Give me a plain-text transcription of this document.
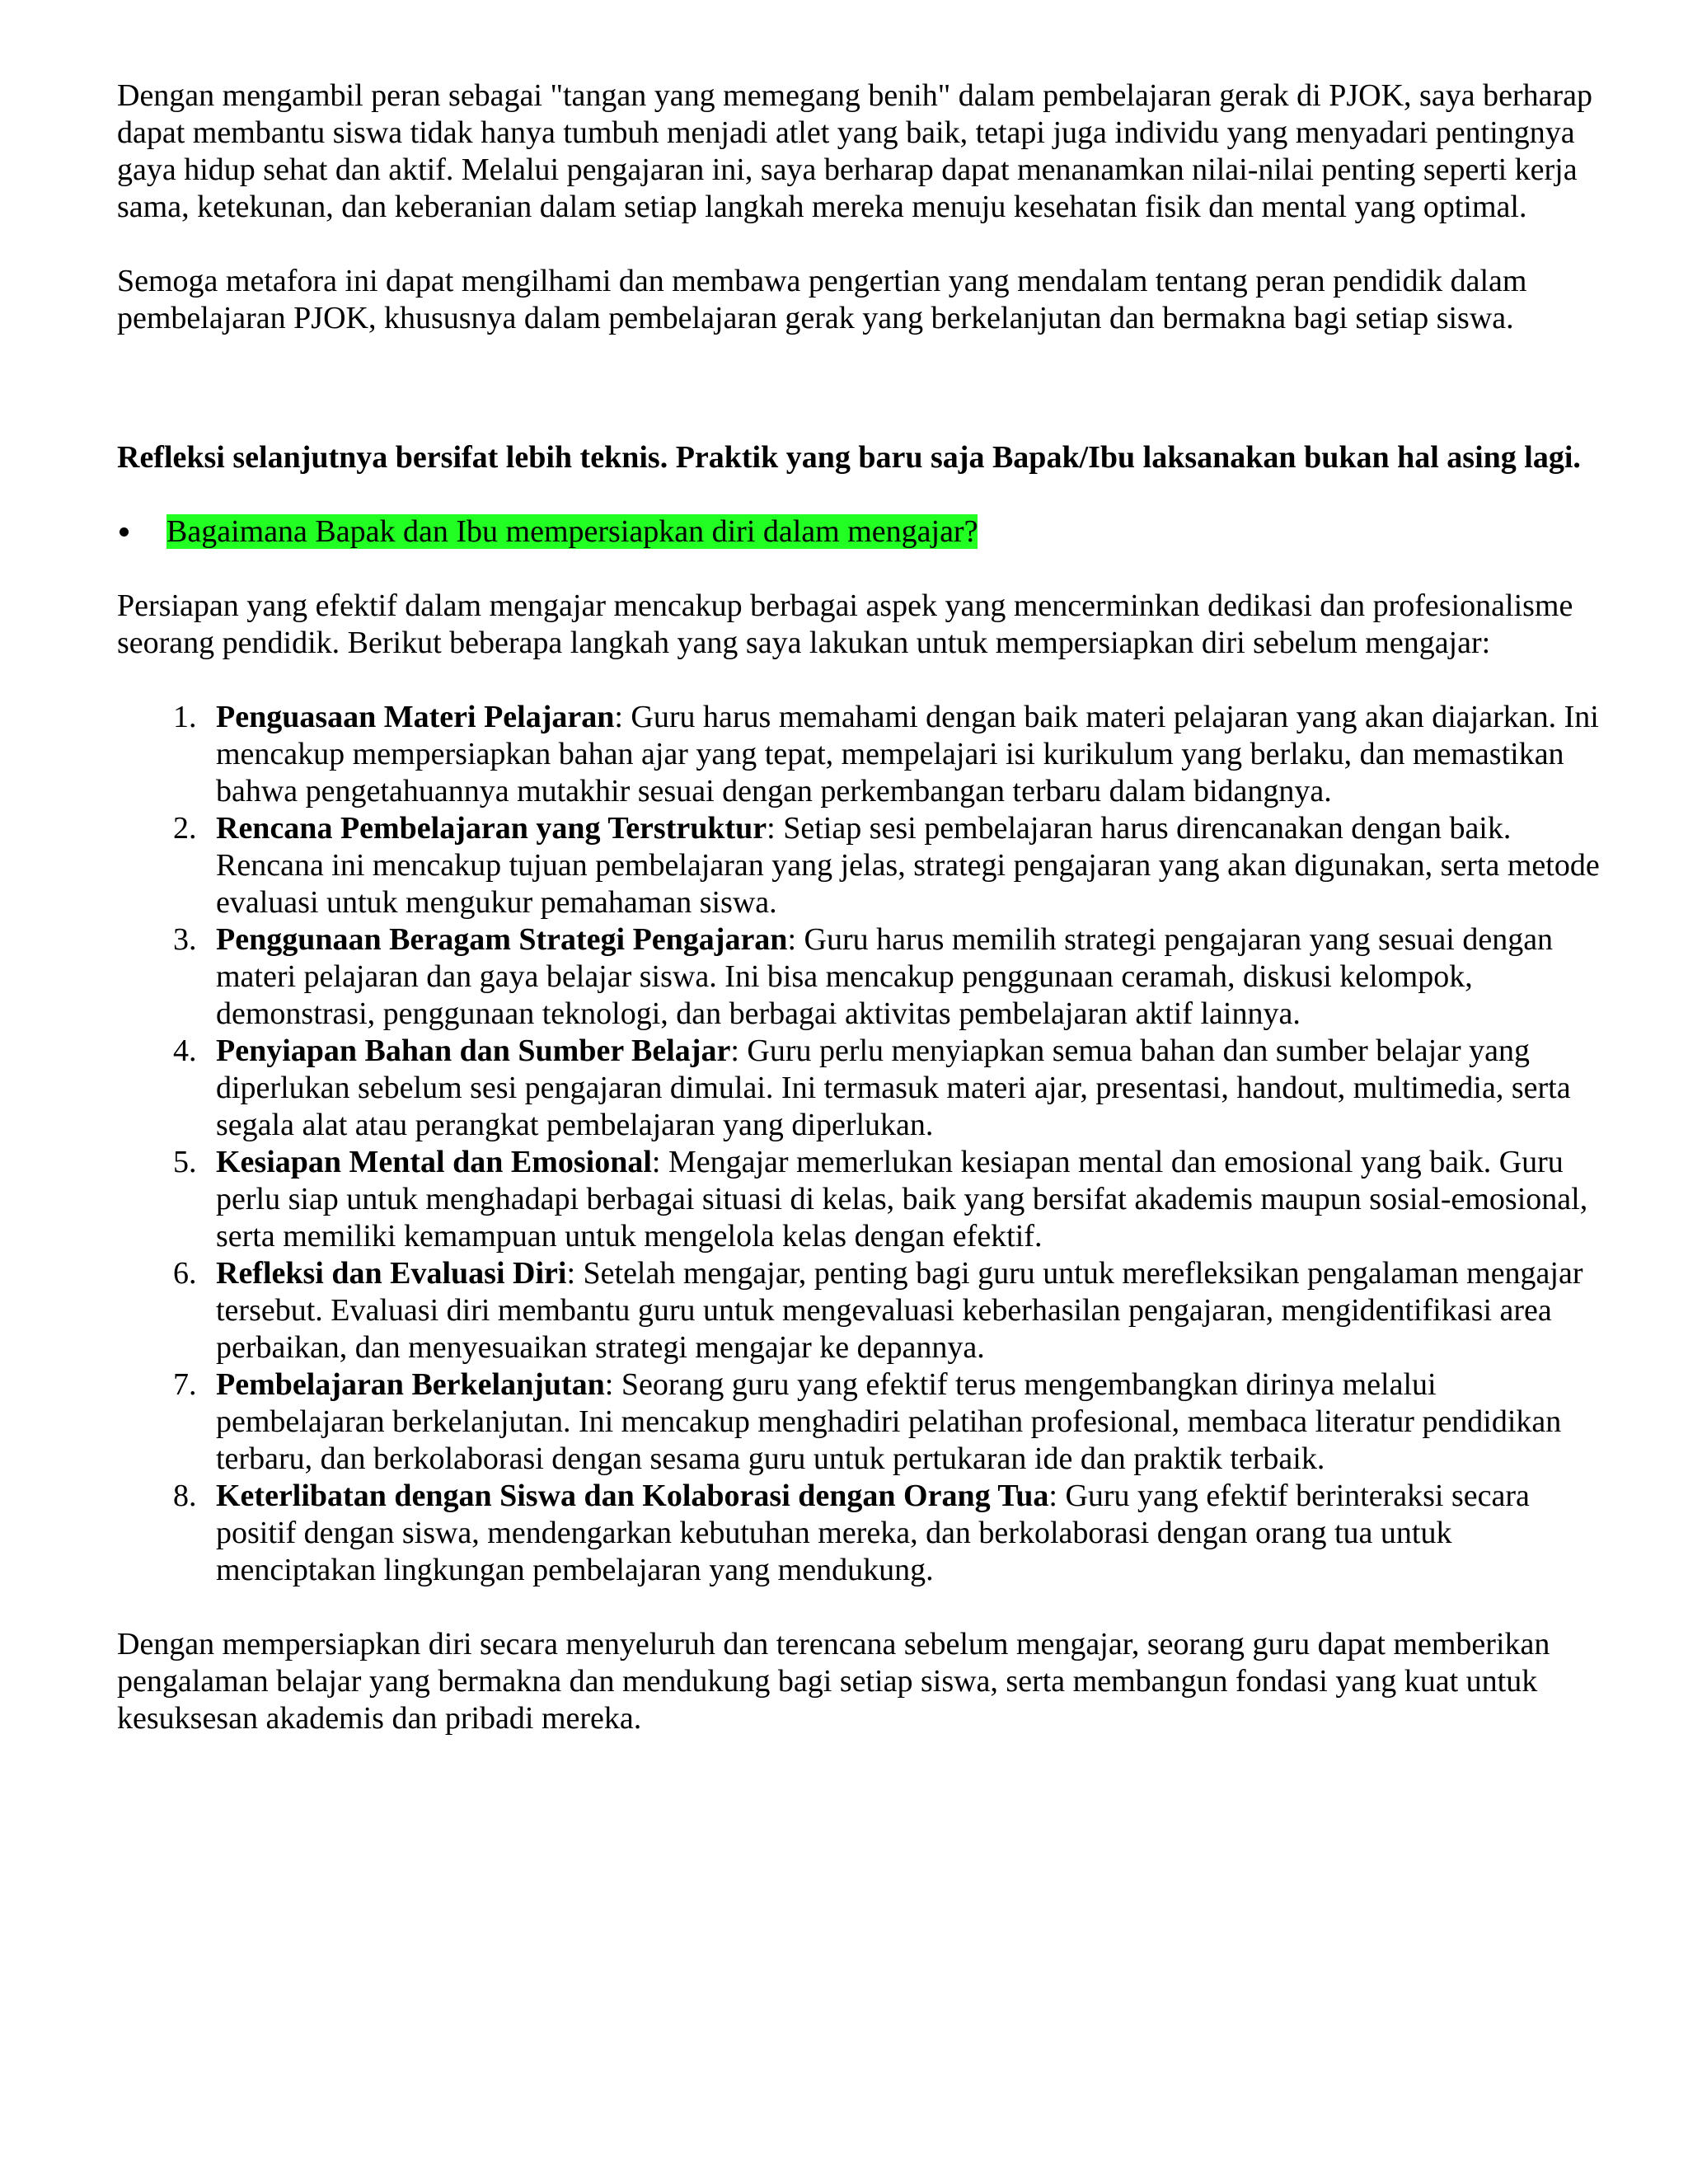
Dengan mengambil peran sebagai "tangan yang memegang benih" dalam pembelajaran gerak di PJOK, saya berharap dapat membantu siswa tidak hanya tumbuh menjadi atlet yang baik, tetapi juga individu yang menyadari pentingnya gaya hidup sehat dan aktif. Melalui pengajaran ini, saya berharap dapat menanamkan nilai-nilai penting seperti kerja sama, ketekunan, dan keberanian dalam setiap langkah mereka menuju kesehatan fisik dan mental yang optimal.

Semoga metafora ini dapat mengilhami dan membawa pengertian yang mendalam tentang peran pendidik dalam pembelajaran PJOK, khususnya dalam pembelajaran gerak yang berkelanjutan dan bermakna bagi setiap siswa.

Refleksi selanjutnya bersifat lebih teknis. Praktik yang baru saja Bapak/Ibu laksanakan bukan hal asing lagi.

Bagaimana Bapak dan Ibu mempersiapkan diri dalam mengajar?

Persiapan yang efektif dalam mengajar mencakup berbagai aspek yang mencerminkan dedikasi dan profesionalisme seorang pendidik. Berikut beberapa langkah yang saya lakukan untuk mempersiapkan diri sebelum mengajar:

1. Penguasaan Materi Pelajaran: Guru harus memahami dengan baik materi pelajaran yang akan diajarkan. Ini mencakup mempersiapkan bahan ajar yang tepat, mempelajari isi kurikulum yang berlaku, dan memastikan bahwa pengetahuannya mutakhir sesuai dengan perkembangan terbaru dalam bidangnya.
2. Rencana Pembelajaran yang Terstruktur: Setiap sesi pembelajaran harus direncanakan dengan baik. Rencana ini mencakup tujuan pembelajaran yang jelas, strategi pengajaran yang akan digunakan, serta metode evaluasi untuk mengukur pemahaman siswa.
3. Penggunaan Beragam Strategi Pengajaran: Guru harus memilih strategi pengajaran yang sesuai dengan materi pelajaran dan gaya belajar siswa. Ini bisa mencakup penggunaan ceramah, diskusi kelompok, demonstrasi, penggunaan teknologi, dan berbagai aktivitas pembelajaran aktif lainnya.
4. Penyiapan Bahan dan Sumber Belajar: Guru perlu menyiapkan semua bahan dan sumber belajar yang diperlukan sebelum sesi pengajaran dimulai. Ini termasuk materi ajar, presentasi, handout, multimedia, serta segala alat atau perangkat pembelajaran yang diperlukan.
5. Kesiapan Mental dan Emosional: Mengajar memerlukan kesiapan mental dan emosional yang baik. Guru perlu siap untuk menghadapi berbagai situasi di kelas, baik yang bersifat akademis maupun sosial-emosional, serta memiliki kemampuan untuk mengelola kelas dengan efektif.
6. Refleksi dan Evaluasi Diri: Setelah mengajar, penting bagi guru untuk merefleksikan pengalaman mengajar tersebut. Evaluasi diri membantu guru untuk mengevaluasi keberhasilan pengajaran, mengidentifikasi area perbaikan, dan menyesuaikan strategi mengajar ke depannya.
7. Pembelajaran Berkelanjutan: Seorang guru yang efektif terus mengembangkan dirinya melalui pembelajaran berkelanjutan. Ini mencakup menghadiri pelatihan profesional, membaca literatur pendidikan terbaru, dan berkolaborasi dengan sesama guru untuk pertukaran ide dan praktik terbaik.
8. Keterlibatan dengan Siswa dan Kolaborasi dengan Orang Tua: Guru yang efektif berinteraksi secara positif dengan siswa, mendengarkan kebutuhan mereka, dan berkolaborasi dengan orang tua untuk menciptakan lingkungan pembelajaran yang mendukung.

Dengan mempersiapkan diri secara menyeluruh dan terencana sebelum mengajar, seorang guru dapat memberikan pengalaman belajar yang bermakna dan mendukung bagi setiap siswa, serta membangun fondasi yang kuat untuk kesuksesan akademis dan pribadi mereka.
